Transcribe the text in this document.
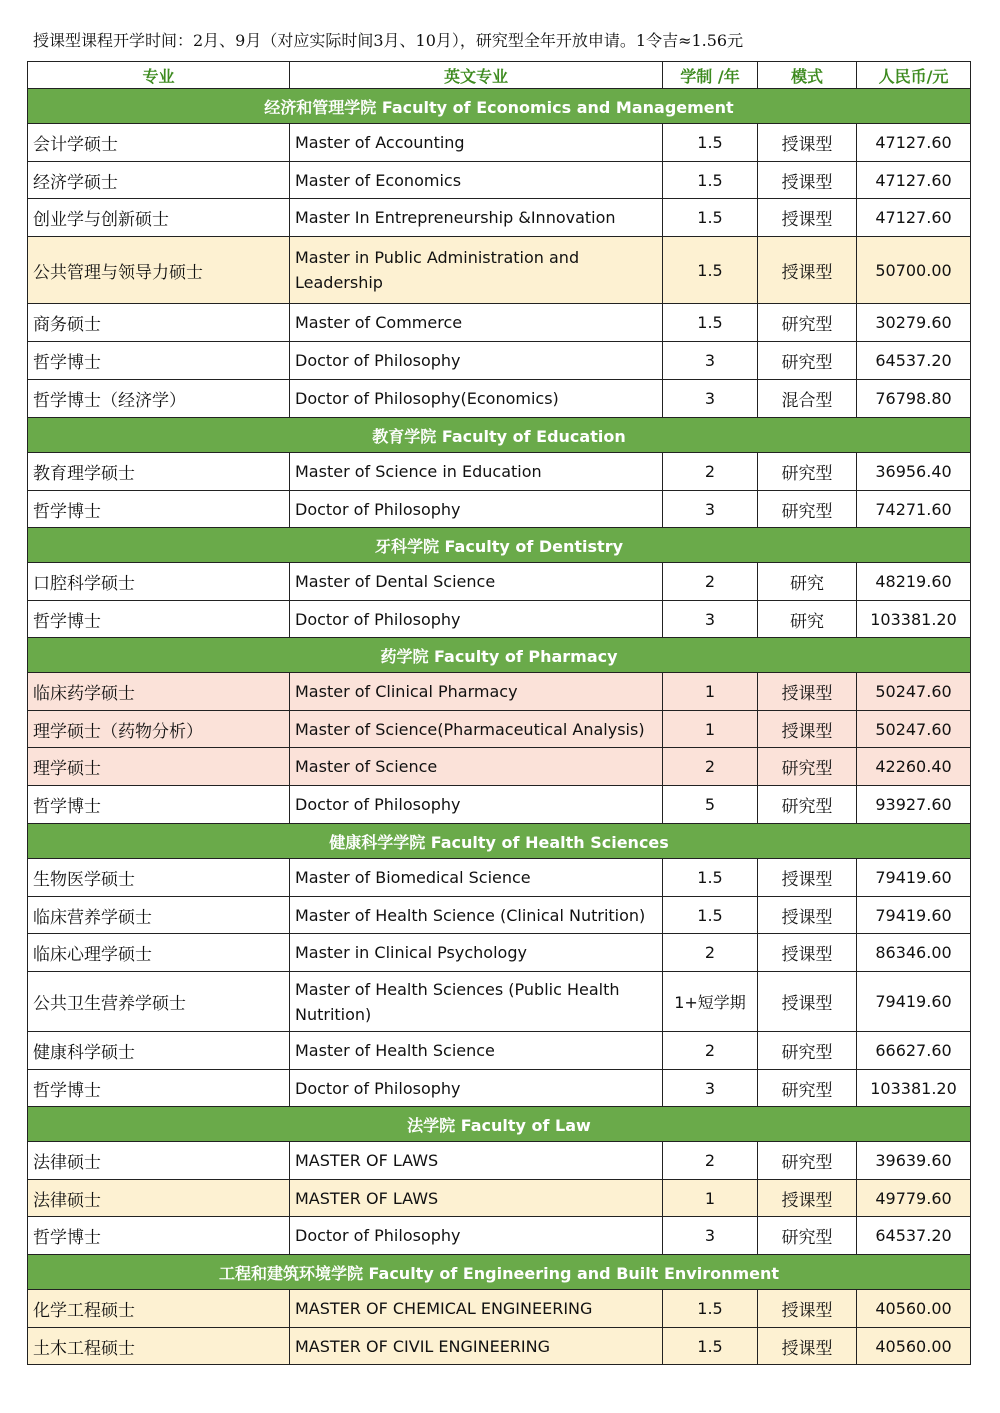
授课型课程开学时间：2月、9月（对应实际时间3月、10月），研究型全年开放申请。1令吉≈1.56元
专业	英文专业	学制 /年	模式	人民币/元
经济和管理学院 Faculty of Economics and Management				
会计学硕士	Master of Accounting	1.5	授课型	47127.60
经济学硕士	Master of Economics	1.5	授课型	47127.60
创业学与创新硕士	Master In Entrepreneurship &Innovation	1.5	授课型	47127.60
公共管理与领导力硕士	Master in Public Administration and Leadership	1.5	授课型	50700.00
商务硕士	Master of Commerce	1.5	研究型	30279.60
哲学博士	Doctor of Philosophy	3	研究型	64537.20
哲学博士（经济学）	Doctor of Philosophy(Economics)	3	混合型	76798.80
教育学院 Faculty of Education				
教育理学硕士	Master of Science in Education	2	研究型	36956.40
哲学博士	Doctor of Philosophy	3	研究型	74271.60
牙科学院 Faculty of Dentistry				
口腔科学硕士	Master of Dental Science	2	研究	48219.60
哲学博士	Doctor of Philosophy	3	研究	103381.20
药学院 Faculty of Pharmacy				
临床药学硕士	Master of Clinical Pharmacy	1	授课型	50247.60
理学硕士（药物分析）	Master of Science(Pharmaceutical Analysis)	1	授课型	50247.60
理学硕士	Master of Science	2	研究型	42260.40
哲学博士	Doctor of Philosophy	5	研究型	93927.60
健康科学学院 Faculty of Health Sciences				
生物医学硕士	Master of Biomedical Science	1.5	授课型	79419.60
临床营养学硕士	Master of Health Science (Clinical Nutrition)	1.5	授课型	79419.60
临床心理学硕士	Master in Clinical Psychology	2	授课型	86346.00
公共卫生营养学硕士	Master of Health Sciences (Public Health Nutrition)	1+短学期	授课型	79419.60
健康科学硕士	Master of Health Science	2	研究型	66627.60
哲学博士	Doctor of Philosophy	3	研究型	103381.20
法学院 Faculty of Law				
法律硕士	MASTER OF LAWS	2	研究型	39639.60
法律硕士	MASTER OF LAWS	1	授课型	49779.60
哲学博士	Doctor of Philosophy	3	研究型	64537.20
工程和建筑环境学院 Faculty of Engineering and Built Environment				
化学工程硕士	MASTER OF CHEMICAL ENGINEERING	1.5	授课型	40560.00
土木工程硕士	MASTER OF CIVIL ENGINEERING	1.5	授课型	40560.00
